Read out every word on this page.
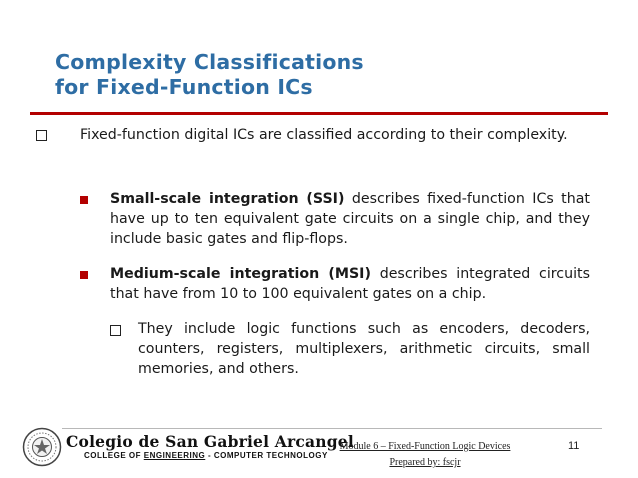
Complexity Classifications
for Fixed-Function ICs

Fixed-function digital ICs are classified according to their complexity.

Small-scale integration (SSI) describes fixed-function ICs that have up to ten equivalent gate circuits on a single chip, and they include basic gates and flip-flops.

Medium-scale integration (MSI) describes integrated circuits that have from 10 to 100 equivalent gates on a chip.

They include logic functions such as encoders, decoders, counters, registers, multiplexers, arithmetic circuits, small memories, and others.

Colegio de San Gabriel Arcangel
COLLEGE OF ENGINEERING - COMPUTER TECHNOLOGY
Module 6 – Fixed-Function Logic Devices
Prepared by: fscjr
11
